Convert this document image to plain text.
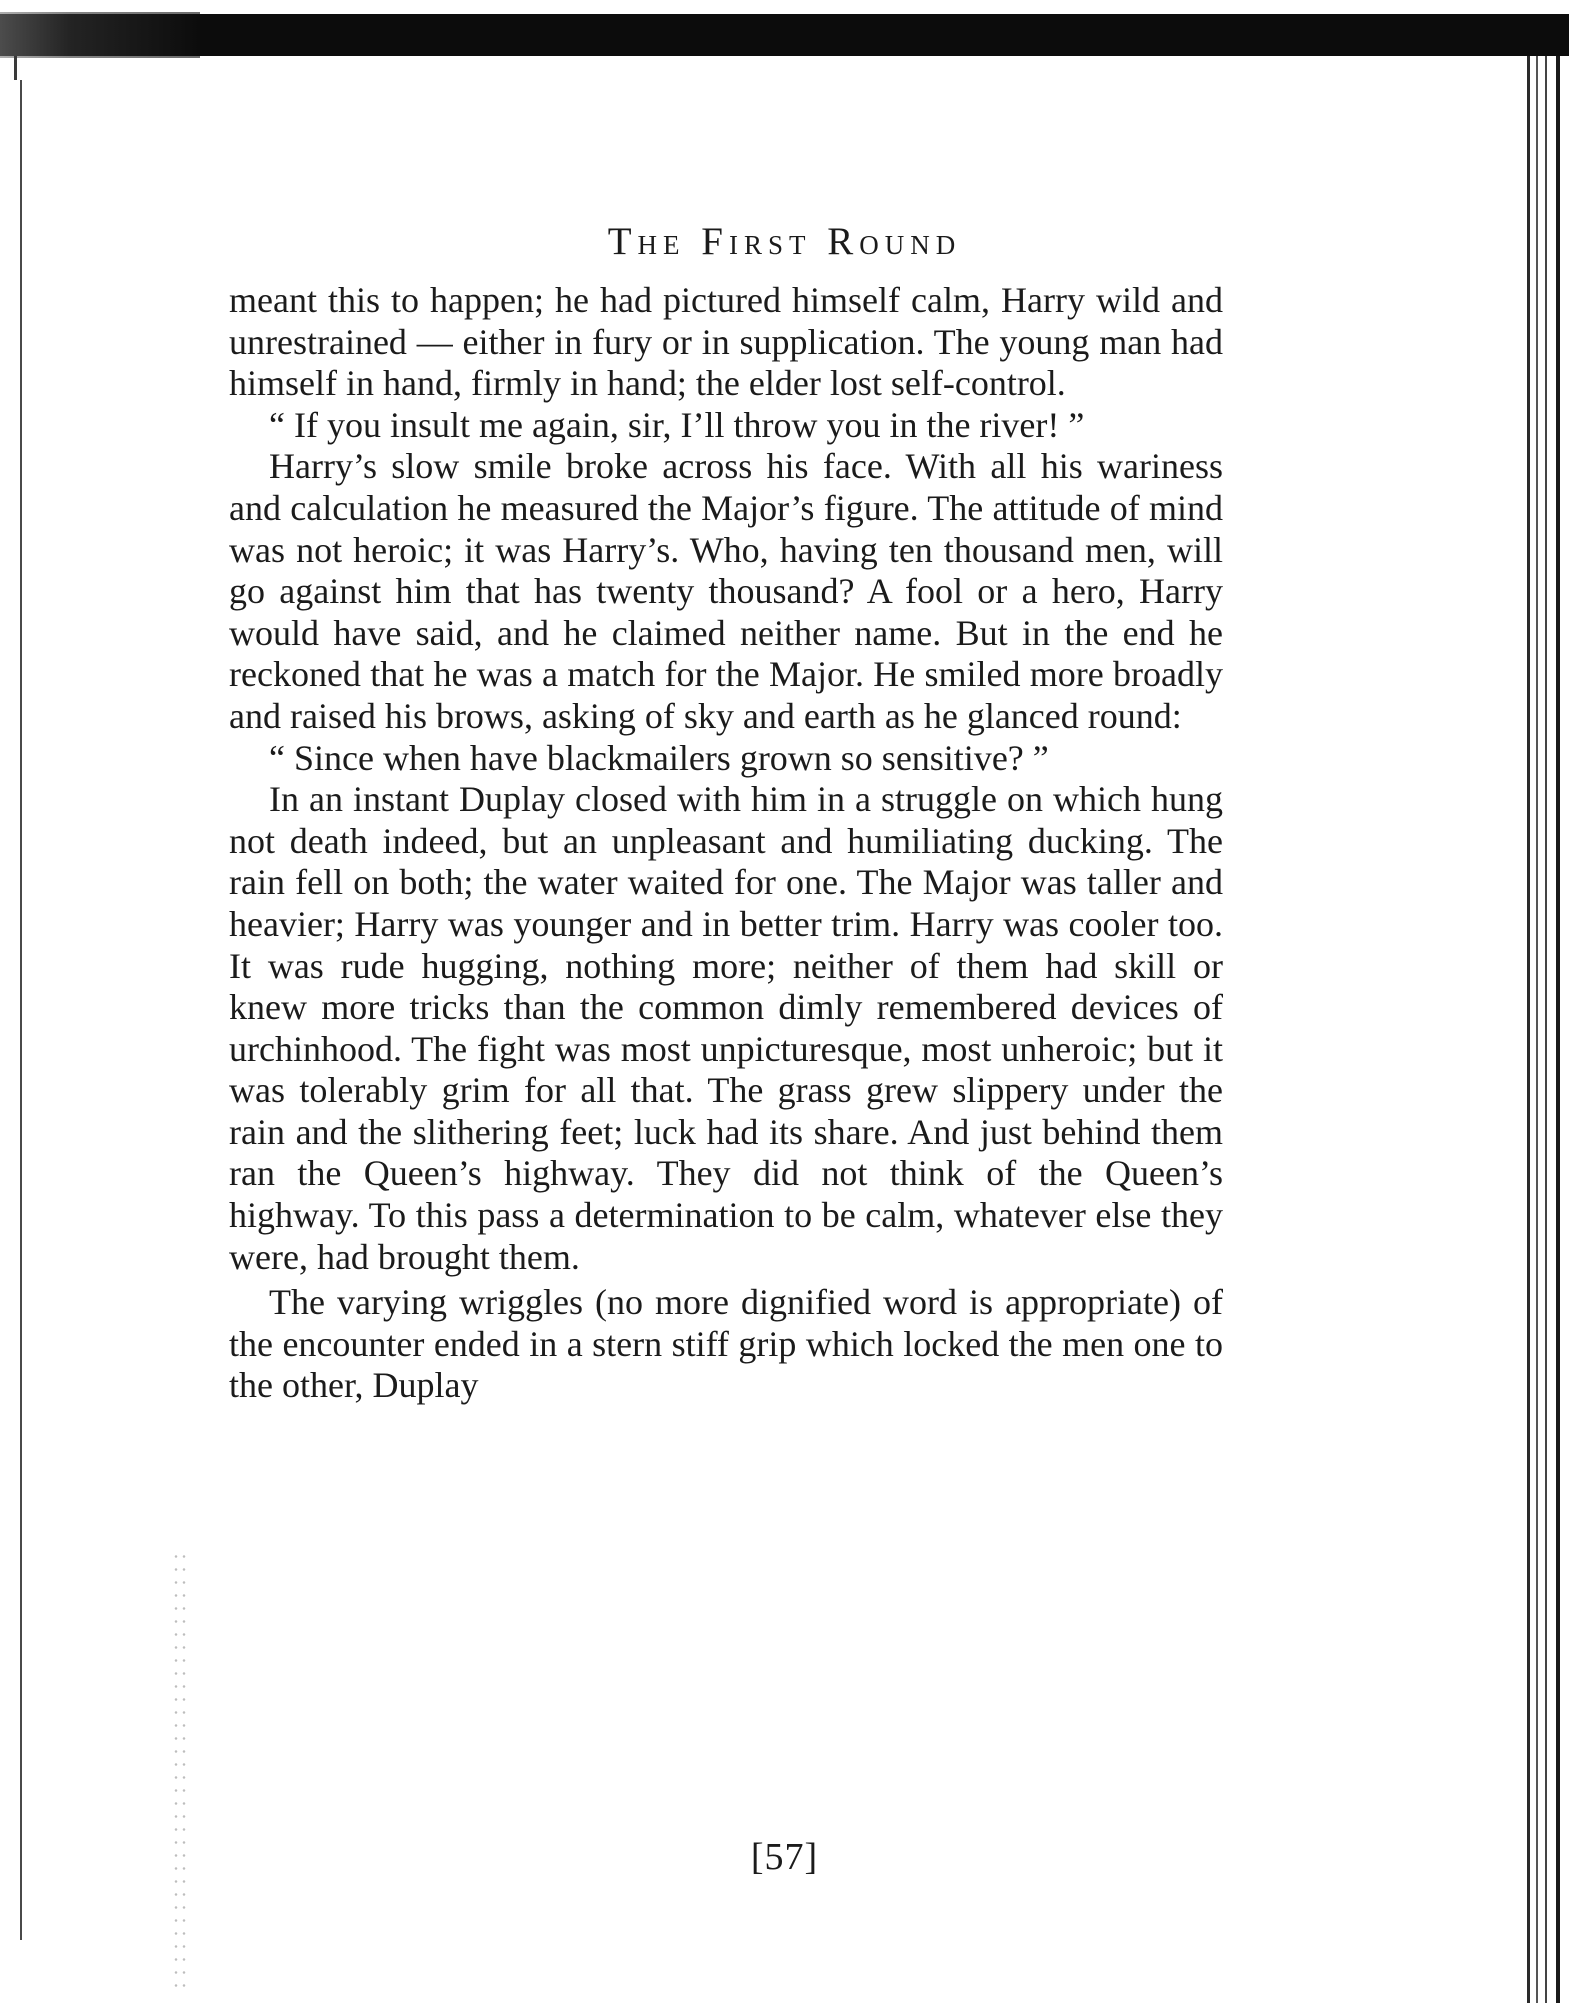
The First Round

meant this to happen; he had pictured himself calm, Harry wild and unrestrained — either in fury or in supplication. The young man had himself in hand, firmly in hand; the elder lost self-control.

“ If you insult me again, sir, I’ll throw you in the river! ”

Harry’s slow smile broke across his face. With all his wariness and calculation he measured the Major’s figure. The attitude of mind was not heroic; it was Harry’s. Who, having ten thousand men, will go against him that has twenty thousand? A fool or a hero, Harry would have said, and he claimed neither name. But in the end he reckoned that he was a match for the Major. He smiled more broadly and raised his brows, asking of sky and earth as he glanced round:

“ Since when have blackmailers grown so sensitive? ”

In an instant Duplay closed with him in a struggle on which hung not death indeed, but an unpleasant and humiliating ducking. The rain fell on both; the water waited for one. The Major was taller and heavier; Harry was younger and in better trim. Harry was cooler too. It was rude hugging, nothing more; neither of them had skill or knew more tricks than the common dimly remembered devices of urchinhood. The fight was most unpicturesque, most unheroic; but it was tolerably grim for all that. The grass grew slippery under the rain and the slithering feet; luck had its share. And just behind them ran the Queen’s highway. They did not think of the Queen’s highway. To this pass a determination to be calm, whatever else they were, had brought them.

The varying wriggles (no more dignified word is appropriate) of the encounter ended in a stern stiff grip which locked the men one to the other, Duplay

[57]
